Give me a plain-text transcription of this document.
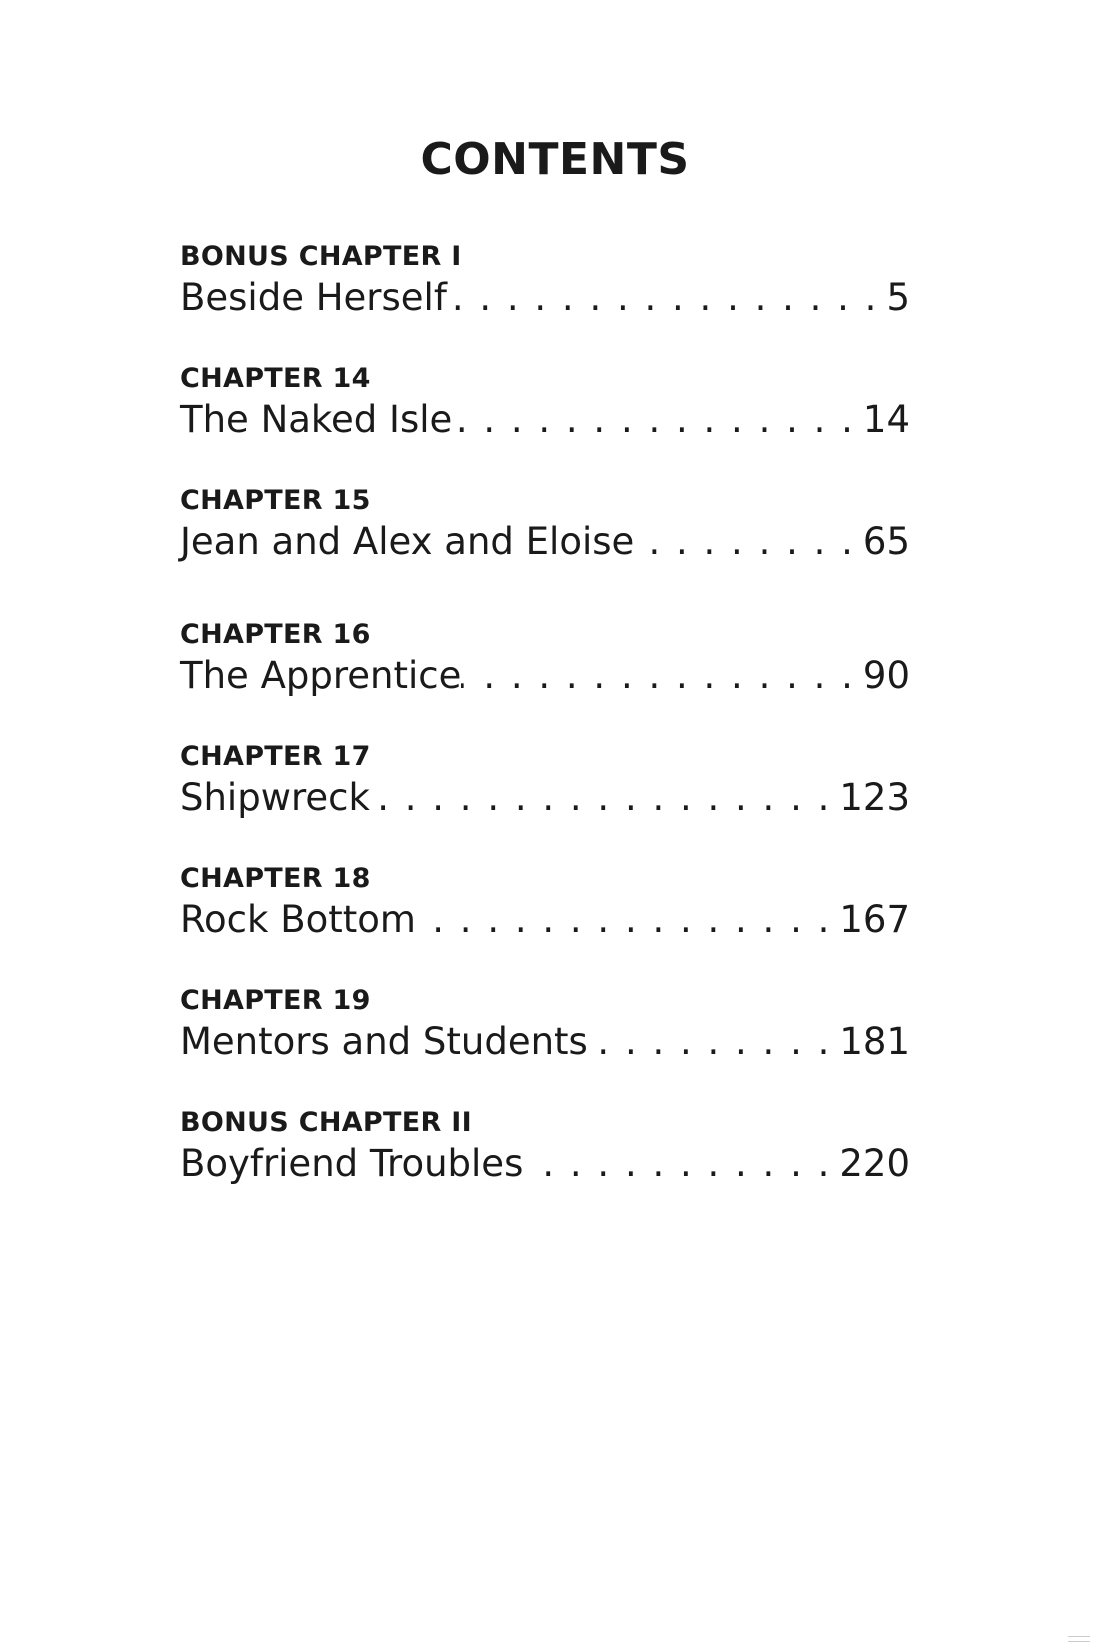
CONTENTS
BONUS CHAPTER I
Beside Herself . . .	5
CHAPTER 14
The Naked Isle . . .	14
CHAPTER 15
Jean and Alex and Eloise . . .	65
CHAPTER 16
The Apprentice . . .	90
CHAPTER 17
Shipwreck . . .	123
CHAPTER 18
Rock Bottom . . .	167
CHAPTER 19
Mentors and Students . . .	181
BONUS CHAPTER II
Boyfriend Troubles . . .	220
